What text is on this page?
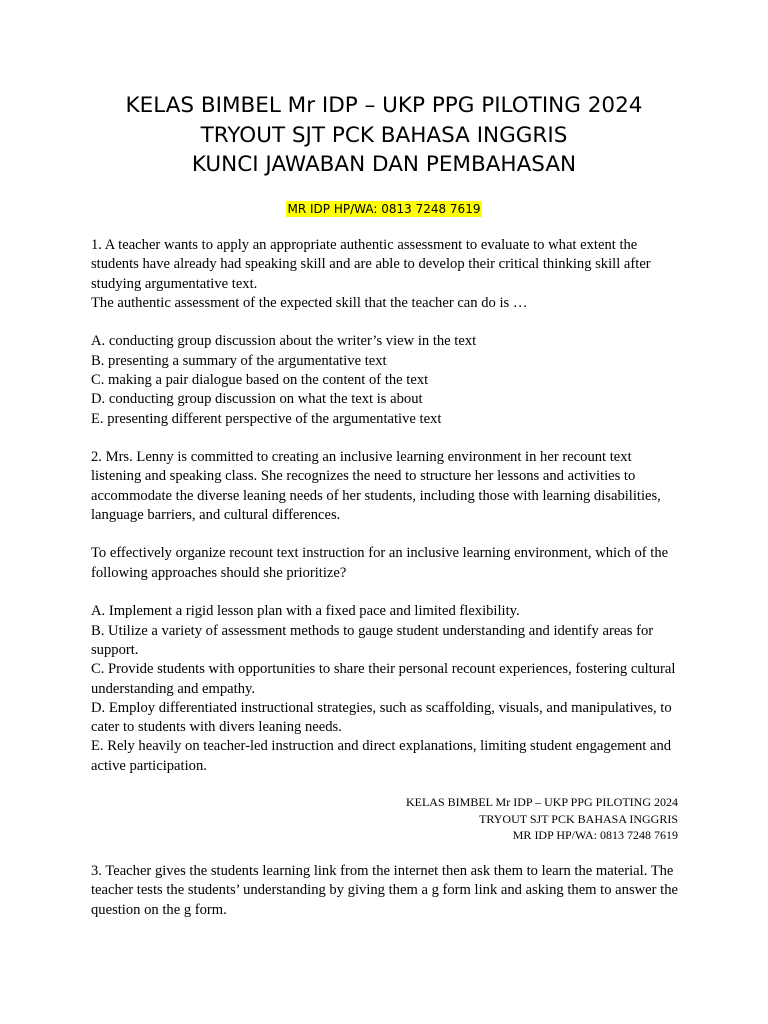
KELAS BIMBEL Mr IDP – UKP PPG PILOTING 2024
TRYOUT SJT PCK BAHASA INGGRIS
KUNCI JAWABAN DAN PEMBAHASAN
MR IDP HP/WA: 0813 7248 7619

1. A teacher wants to apply an appropriate authentic assessment to evaluate to what extent the students have already had speaking skill and are able to develop their critical thinking skill after studying argumentative text.

The authentic assessment of the expected skill that the teacher can do is …

A. conducting group discussion about the writer’s view in the text

B. presenting a summary of the argumentative text

C. making a pair dialogue based on the content of the text

D. conducting group discussion on what the text is about

E. presenting different perspective of the argumentative text

2. Mrs. Lenny is committed to creating an inclusive learning environment in her recount text listening and speaking class. She recognizes the need to structure her lessons and activities to accommodate the diverse leaning needs of her students, including those with learning disabilities, language barriers, and cultural differences.

To effectively organize recount text instruction for an inclusive learning environment, which of the following approaches should she prioritize?

A. Implement a rigid lesson plan with a fixed pace and limited flexibility.

B. Utilize a variety of assessment methods to gauge student understanding and identify areas for support.

C. Provide students with opportunities to share their personal recount experiences, fostering cultural understanding and empathy.

D. Employ differentiated instructional strategies, such as scaffolding, visuals, and manipulatives, to cater to students with divers leaning needs.

E. Rely heavily on teacher-led instruction and direct explanations, limiting student engagement and active participation.

KELAS BIMBEL Mr IDP – UKP PPG PILOTING 2024
TRYOUT SJT PCK BAHASA INGGRIS
MR IDP HP/WA: 0813 7248 7619

3. Teacher gives the students learning link from the internet then ask them to learn the material. The teacher tests the students’ understanding by giving them a g form link and asking them to answer the question on the g form.
